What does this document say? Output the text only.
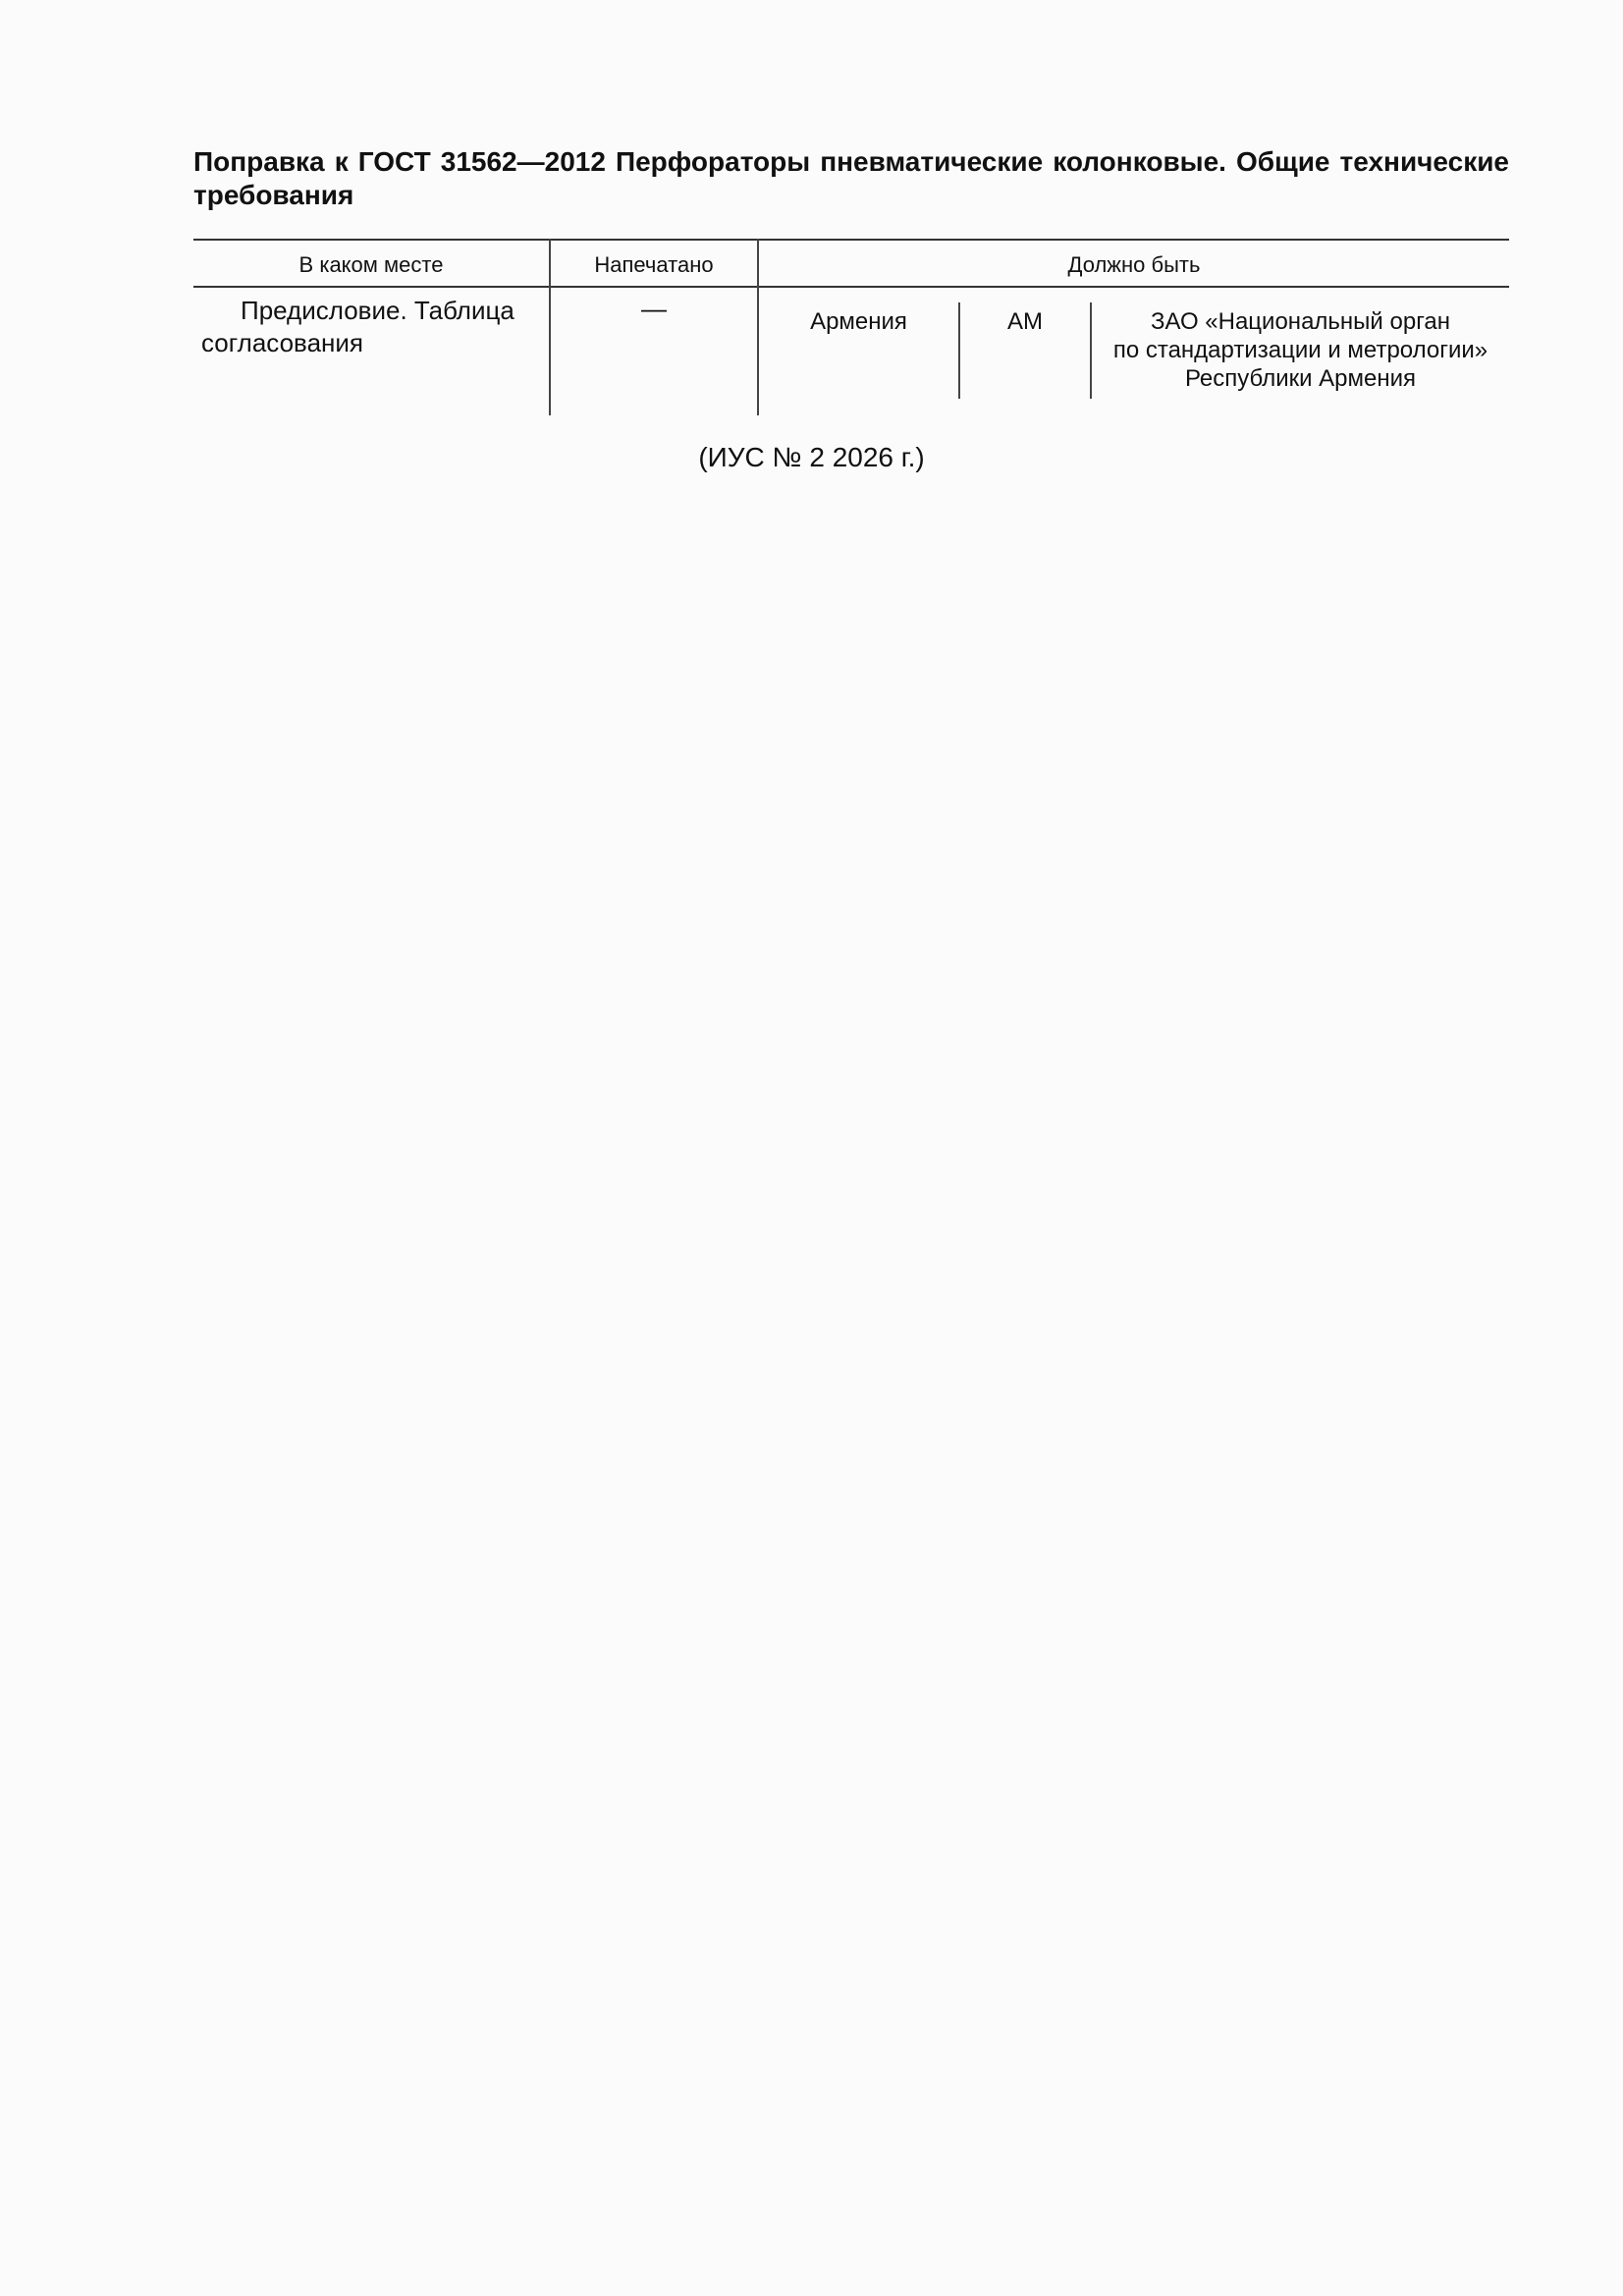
Поправка к ГОСТ 31562—2012 Перфораторы пневматические колонковые. Общие технические требования
В каком месте	Напечатано	Должно быть
Предисловие. Таблица
согласования
—	Армения	AM	ЗАО «Национальный орган
по стандартизации и метрологии»
Республики Армения
(ИУС № 2 2026 г.)
